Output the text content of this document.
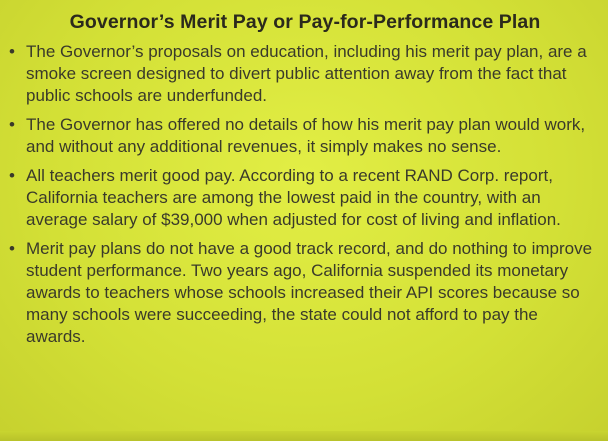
Governor’s Merit Pay or Pay-for-Performance Plan
• The Governor’s proposals on education, including his merit pay plan, are a smoke screen designed to divert public attention away from the fact that public schools are underfunded.
• The Governor has offered no details of how his merit pay plan would work, and without any additional revenues, it simply makes no sense.
• All teachers merit good pay. According to a recent RAND Corp. report, California teachers are among the lowest paid in the country, with an average salary of $39,000 when adjusted for cost of living and inflation.
• Merit pay plans do not have a good track record, and do nothing to improve student performance. Two years ago, California suspended its monetary awards to teachers whose schools increased their API scores because so many schools were succeeding, the state could not afford to pay the awards.
